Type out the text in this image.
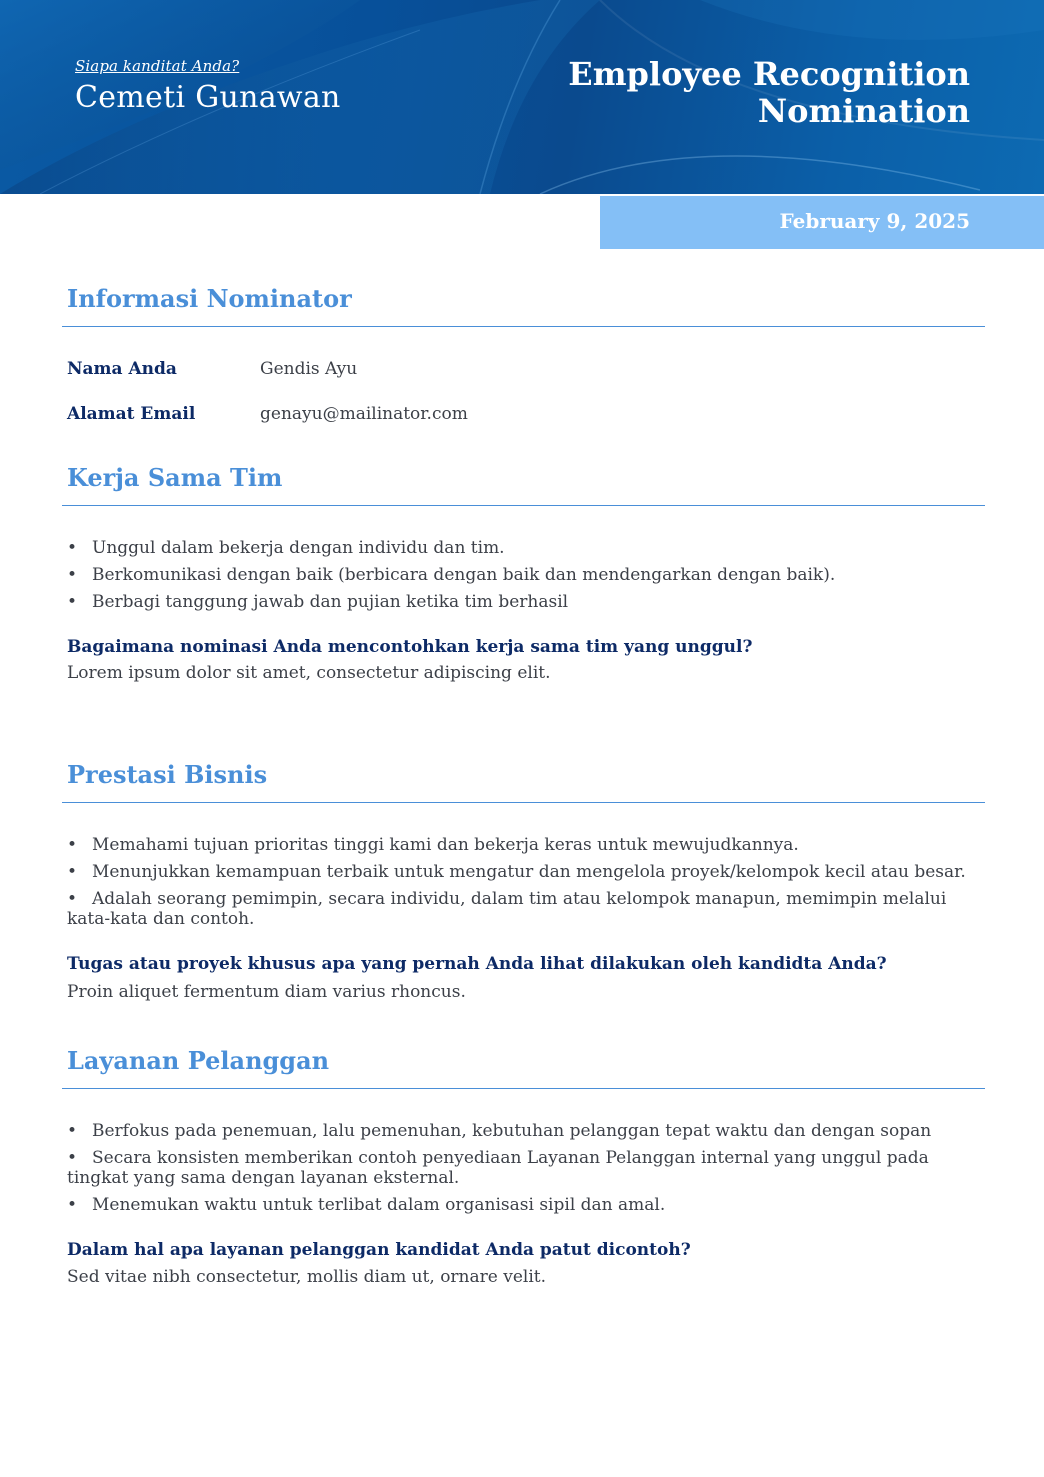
Siapa kanditat Anda?
Cemeti Gunawan
Employee Recognition
Nomination
February 9, 2025
Informasi Nominator
Nama Anda	Gendis Ayu
Alamat Email	genayu@mailinator.com
Kerja Sama Tim
• Unggul dalam bekerja dengan individu dan tim.
• Berkomunikasi dengan baik (berbicara dengan baik dan mendengarkan dengan baik).
• Berbagi tanggung jawab dan pujian ketika tim berhasil
Bagaimana nominasi Anda mencontohkan kerja sama tim yang unggul?
Lorem ipsum dolor sit amet, consectetur adipiscing elit.
Prestasi Bisnis
• Memahami tujuan prioritas tinggi kami dan bekerja keras untuk mewujudkannya.
• Menunjukkan kemampuan terbaik untuk mengatur dan mengelola proyek/kelompok kecil atau besar.
• Adalah seorang pemimpin, secara individu, dalam tim atau kelompok manapun, memimpin melalui kata-kata dan contoh.
Tugas atau proyek khusus apa yang pernah Anda lihat dilakukan oleh kandidta Anda?
Proin aliquet fermentum diam varius rhoncus.
Layanan Pelanggan
• Berfokus pada penemuan, lalu pemenuhan, kebutuhan pelanggan tepat waktu dan dengan sopan
• Secara konsisten memberikan contoh penyediaan Layanan Pelanggan internal yang unggul pada tingkat yang sama dengan layanan eksternal.
• Menemukan waktu untuk terlibat dalam organisasi sipil dan amal.
Dalam hal apa layanan pelanggan kandidat Anda patut dicontoh?
Sed vitae nibh consectetur, mollis diam ut, ornare velit.
